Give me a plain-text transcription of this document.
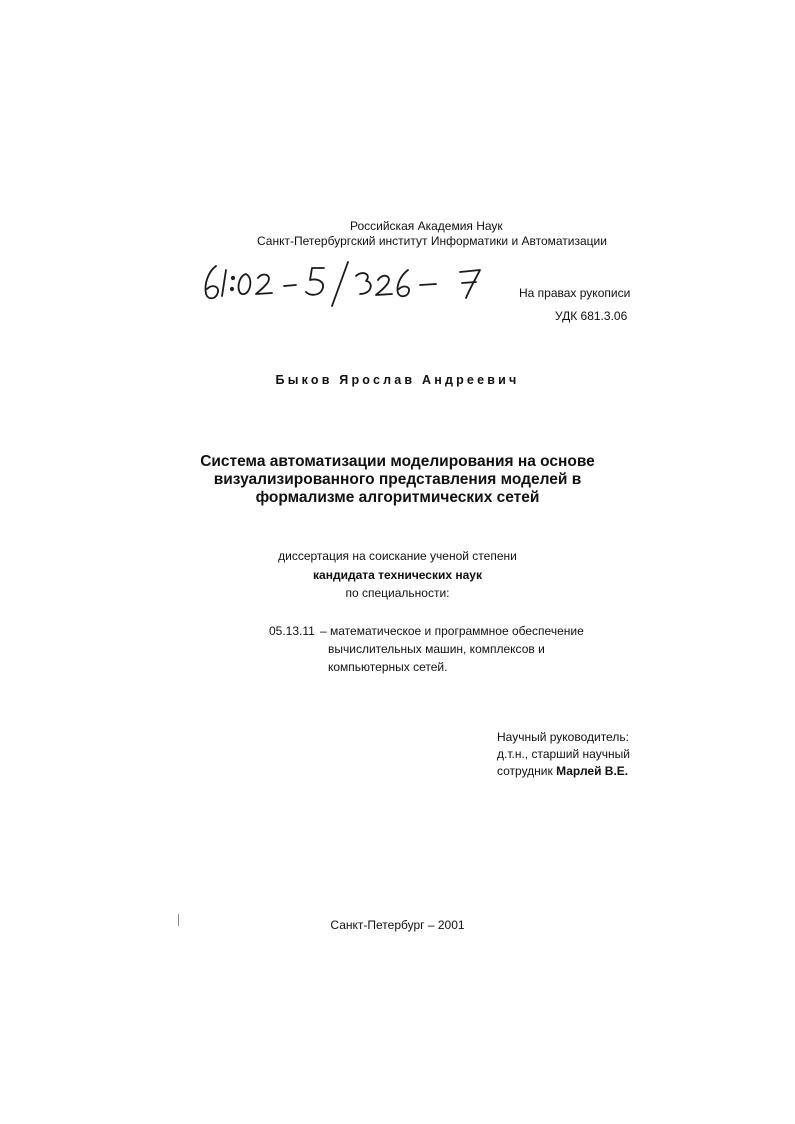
Российская Академия Наук
Санкт-Петербургский институт Информатики и Автоматизации
На правах рукописи
УДК 681.3.06
Быков Ярослав Андреевич
Система автоматизации моделирования на основе
визуализированного представления моделей в
формализме алгоритмических сетей
диссертация на соискание ученой степени
кандидата технических наук
по специальности:
05.13.11 – математическое и программное обеспечение
вычислительных машин, комплексов и
компьютерных сетей.
Научный руководитель:
д.т.н., старший научный
сотрудник Марлей В.Е.
Санкт-Петербург – 2001
